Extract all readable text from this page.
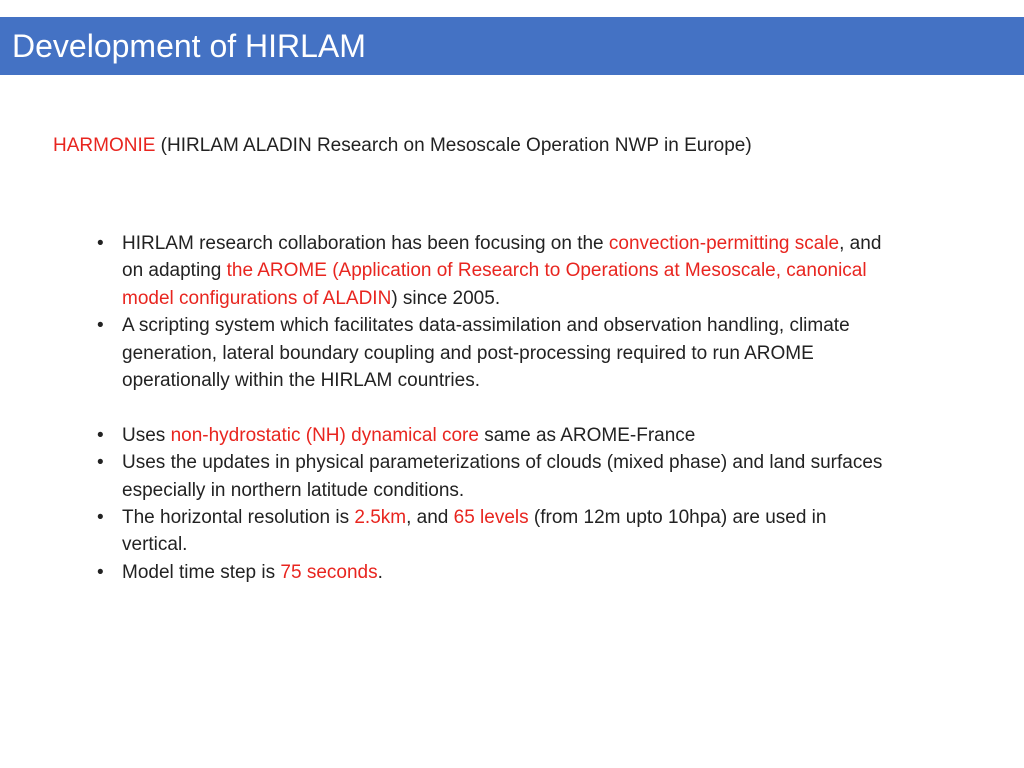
Development of HIRLAM
HARMONIE (HIRLAM ALADIN Research on Mesoscale Operation NWP in Europe)
• HIRLAM research collaboration has been focusing on the convection-permitting scale, and on adapting the AROME (Application of Research to Operations at Mesoscale, canonical model configurations of ALADIN) since 2005.
• A scripting system which facilitates data-assimilation and observation handling, climate generation, lateral boundary coupling and post-processing required to run AROME operationally within the HIRLAM countries.
• Uses non-hydrostatic (NH) dynamical core same as AROME-France
• Uses the updates in physical parameterizations of clouds (mixed phase) and land surfaces especially in northern latitude conditions.
• The horizontal resolution is 2.5km, and 65 levels (from 12m upto 10hpa) are used in vertical.
• Model time step is 75 seconds.
